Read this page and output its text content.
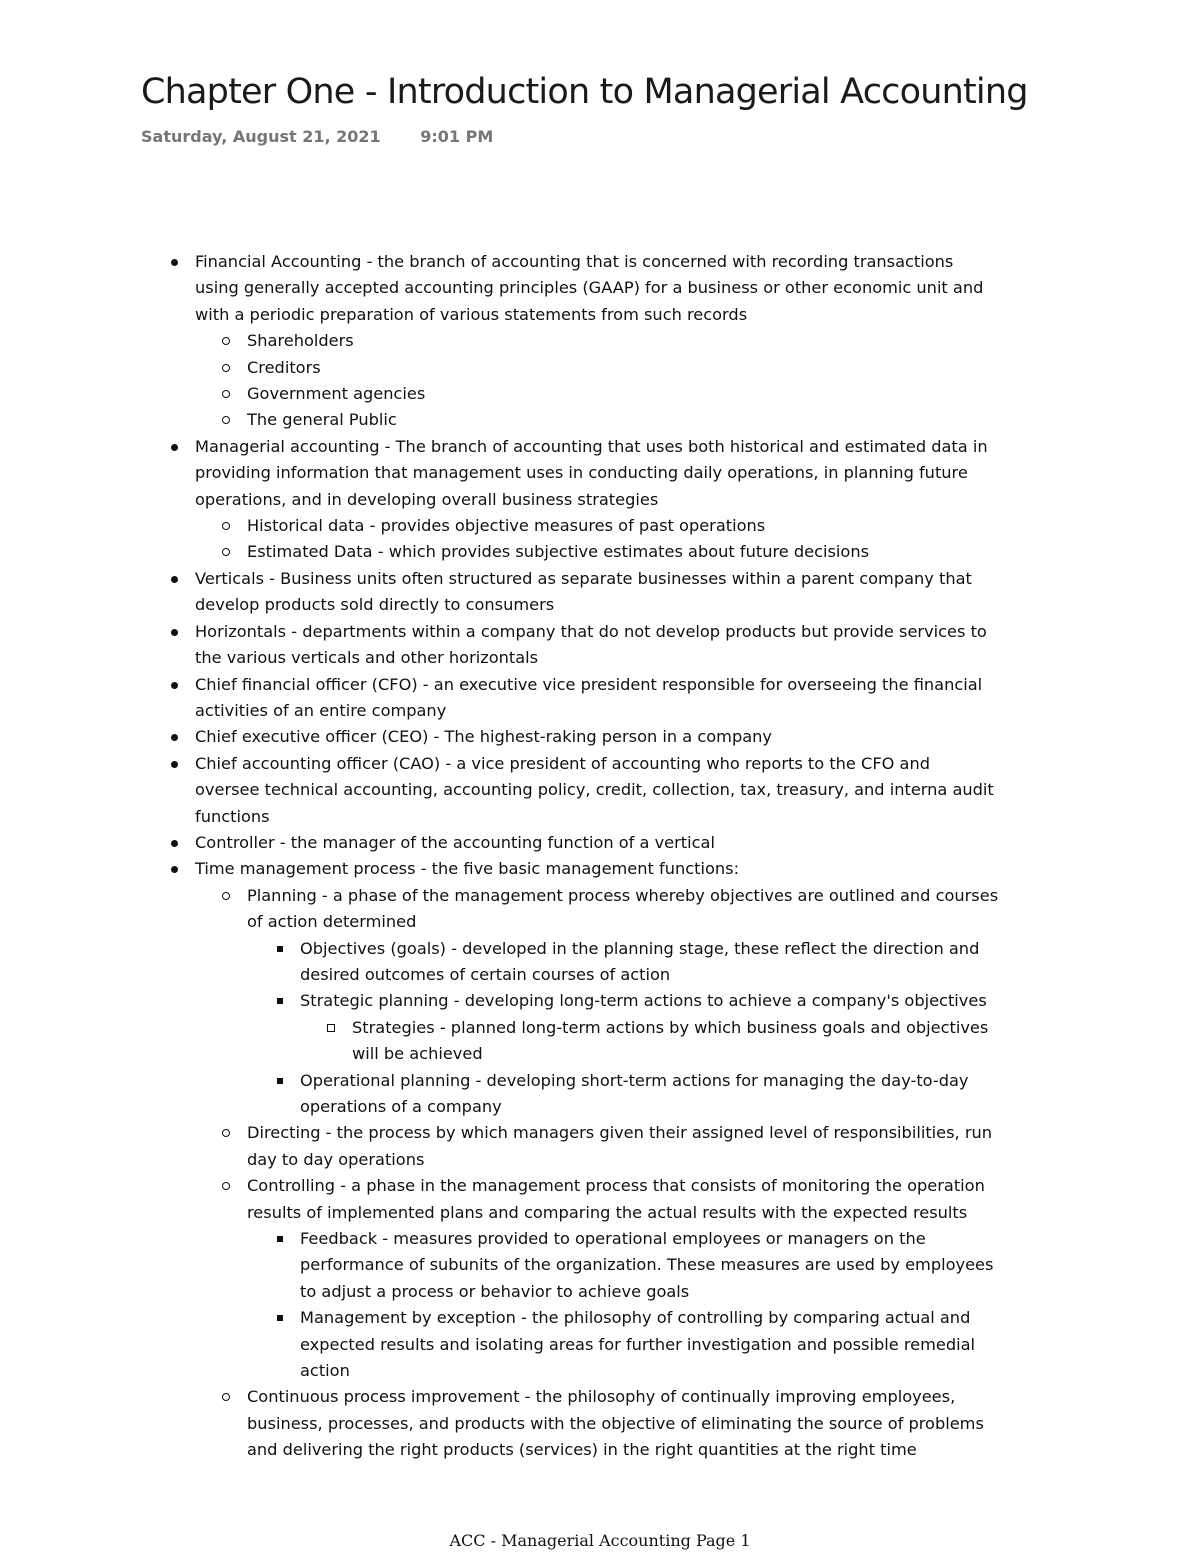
Chapter One - Introduction to Managerial Accounting
Saturday, August 21, 2021 9:01 PM
Financial Accounting - the branch of accounting that is concerned with recording transactions
using generally accepted accounting principles (GAAP) for a business or other economic unit and
with a periodic preparation of various statements from such records
Shareholders
Creditors
Government agencies
The general Public
Managerial accounting - The branch of accounting that uses both historical and estimated data in
providing information that management uses in conducting daily operations, in planning future
operations, and in developing overall business strategies
Historical data - provides objective measures of past operations
Estimated Data - which provides subjective estimates about future decisions
Verticals - Business units often structured as separate businesses within a parent company that
develop products sold directly to consumers
Horizontals - departments within a company that do not develop products but provide services to
the various verticals and other horizontals
Chief financial officer (CFO) - an executive vice president responsible for overseeing the financial
activities of an entire company
Chief executive officer (CEO) - The highest-raking person in a company
Chief accounting officer (CAO) - a vice president of accounting who reports to the CFO and
oversee technical accounting, accounting policy, credit, collection, tax, treasury, and interna audit
functions
Controller - the manager of the accounting function of a vertical
Time management process - the five basic management functions:
Planning - a phase of the management process whereby objectives are outlined and courses
of action determined
Objectives (goals) - developed in the planning stage, these reflect the direction and
desired outcomes of certain courses of action
Strategic planning - developing long-term actions to achieve a company's objectives
Strategies - planned long-term actions by which business goals and objectives
will be achieved
Operational planning - developing short-term actions for managing the day-to-day
operations of a company
Directing - the process by which managers given their assigned level of responsibilities, run
day to day operations
Controlling - a phase in the management process that consists of monitoring the operation
results of implemented plans and comparing the actual results with the expected results
Feedback - measures provided to operational employees or managers on the
performance of subunits of the organization. These measures are used by employees
to adjust a process or behavior to achieve goals
Management by exception - the philosophy of controlling by comparing actual and
expected results and isolating areas for further investigation and possible remedial
action
Continuous process improvement - the philosophy of continually improving employees,
business, processes, and products with the objective of eliminating the source of problems
and delivering the right products (services) in the right quantities at the right time
ACC - Managerial Accounting Page 1
